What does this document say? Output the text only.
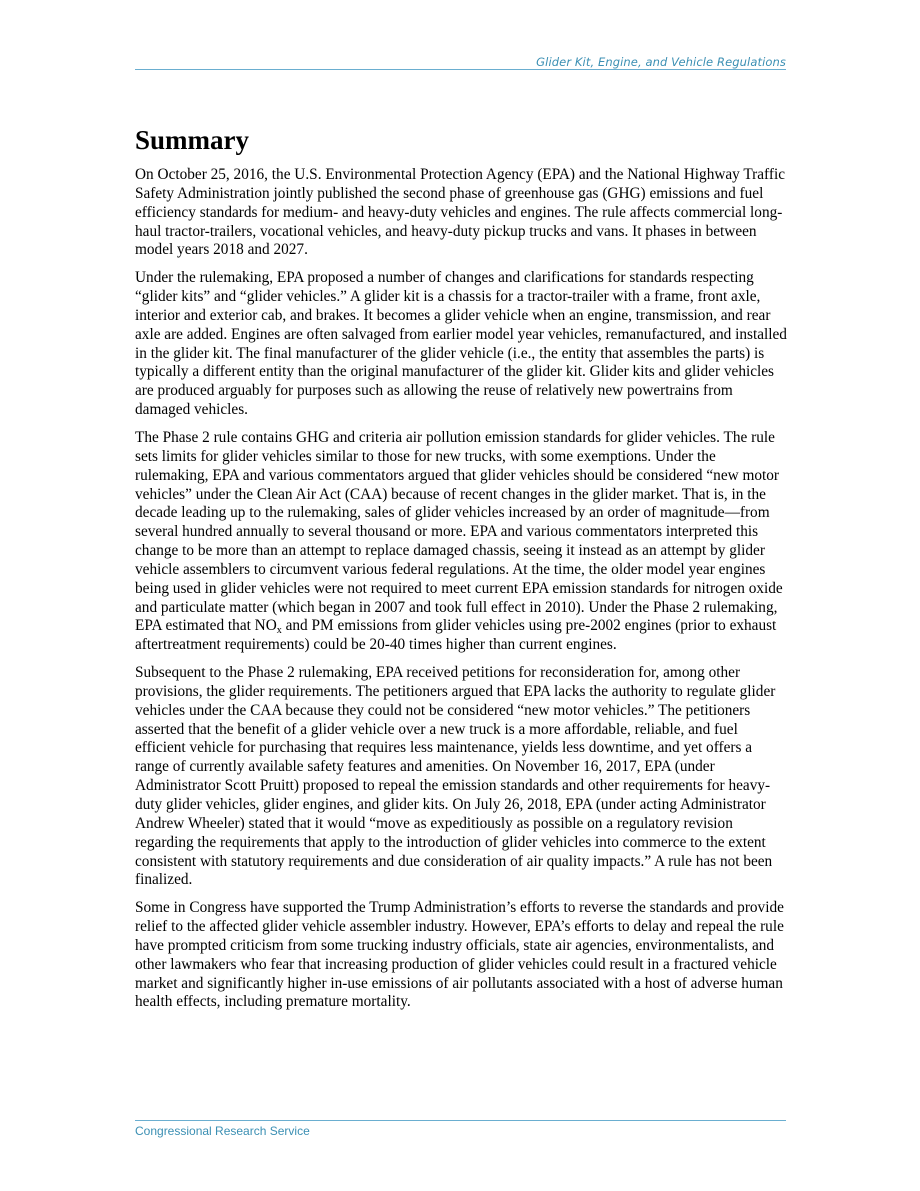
Glider Kit, Engine, and Vehicle Regulations
Summary

On October 25, 2016, the U.S. Environmental Protection Agency (EPA) and the National Highway Traffic Safety Administration jointly published the second phase of greenhouse gas (GHG) emissions and fuel efficiency standards for medium- and heavy-duty vehicles and engines. The rule affects commercial long-haul tractor-trailers, vocational vehicles, and heavy-duty pickup trucks and vans. It phases in between model years 2018 and 2027.

Under the rulemaking, EPA proposed a number of changes and clarifications for standards respecting “glider kits” and “glider vehicles.” A glider kit is a chassis for a tractor-trailer with a frame, front axle, interior and exterior cab, and brakes. It becomes a glider vehicle when an engine, transmission, and rear axle are added. Engines are often salvaged from earlier model year vehicles, remanufactured, and installed in the glider kit. The final manufacturer of the glider vehicle (i.e., the entity that assembles the parts) is typically a different entity than the original manufacturer of the glider kit. Glider kits and glider vehicles are produced arguably for purposes such as allowing the reuse of relatively new powertrains from damaged vehicles.

The Phase 2 rule contains GHG and criteria air pollution emission standards for glider vehicles. The rule sets limits for glider vehicles similar to those for new trucks, with some exemptions. Under the rulemaking, EPA and various commentators argued that glider vehicles should be considered “new motor vehicles” under the Clean Air Act (CAA) because of recent changes in the glider market. That is, in the decade leading up to the rulemaking, sales of glider vehicles increased by an order of magnitude—from several hundred annually to several thousand or more. EPA and various commentators interpreted this change to be more than an attempt to replace damaged chassis, seeing it instead as an attempt by glider vehicle assemblers to circumvent various federal regulations. At the time, the older model year engines being used in glider vehicles were not required to meet current EPA emission standards for nitrogen oxide and particulate matter (which began in 2007 and took full effect in 2010). Under the Phase 2 rulemaking, EPA estimated that $NO_x$ and PM emissions from glider vehicles using pre-2002 engines (prior to exhaust aftertreatment requirements) could be 20-40 times higher than current engines.

Subsequent to the Phase 2 rulemaking, EPA received petitions for reconsideration for, among other provisions, the glider requirements. The petitioners argued that EPA lacks the authority to regulate glider vehicles under the CAA because they could not be considered “new motor vehicles.” The petitioners asserted that the benefit of a glider vehicle over a new truck is a more affordable, reliable, and fuel efficient vehicle for purchasing that requires less maintenance, yields less downtime, and yet offers a range of currently available safety features and amenities. On November 16, 2017, EPA (under Administrator Scott Pruitt) proposed to repeal the emission standards and other requirements for heavy-duty glider vehicles, glider engines, and glider kits. On July 26, 2018, EPA (under acting Administrator Andrew Wheeler) stated that it would “move as expeditiously as possible on a regulatory revision regarding the requirements that apply to the introduction of glider vehicles into commerce to the extent consistent with statutory requirements and due consideration of air quality impacts.” A rule has not been finalized.

Some in Congress have supported the Trump Administration’s efforts to reverse the standards and provide relief to the affected glider vehicle assembler industry. However, EPA’s efforts to delay and repeal the rule have prompted criticism from some trucking industry officials, state air agencies, environmentalists, and other lawmakers who fear that increasing production of glider vehicles could result in a fractured vehicle market and significantly higher in-use emissions of air pollutants associated with a host of adverse human health effects, including premature mortality.

Congressional Research Service
